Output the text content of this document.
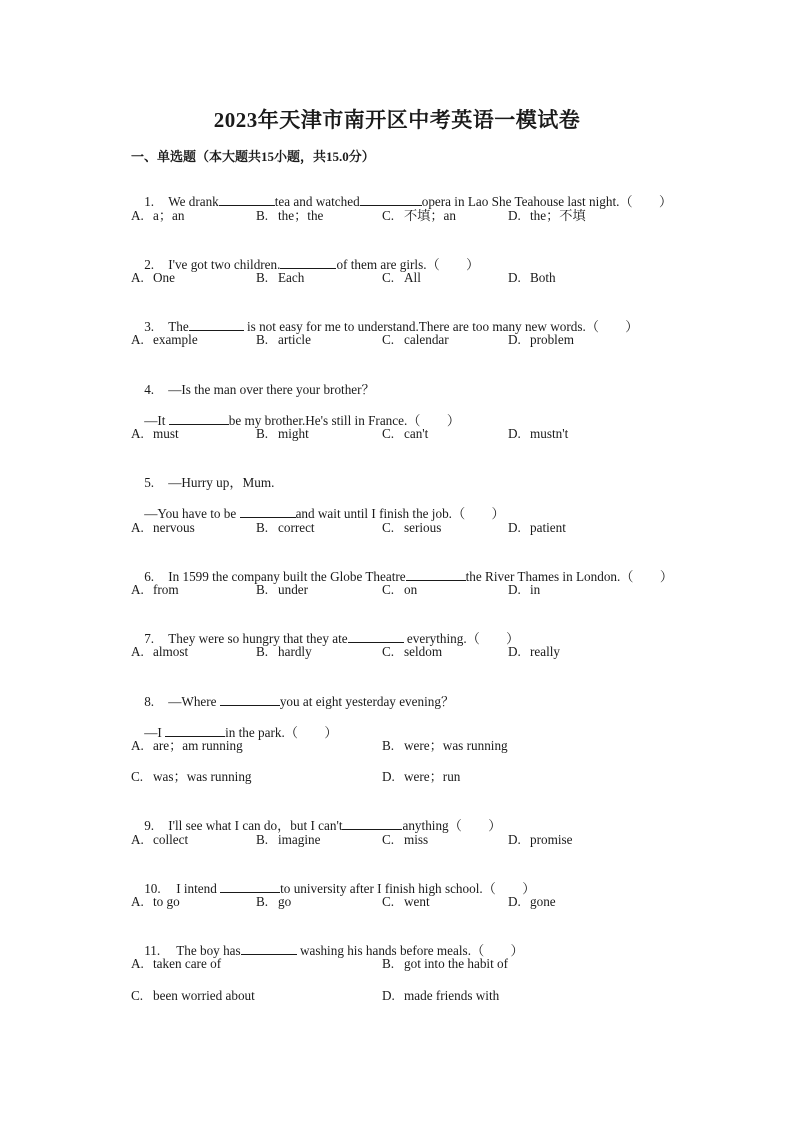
2023年天津市南开区中考英语一模试卷
一、单选题（本大题共15小题，共15.0分）

1. We drank	tea and watched	opera in Lao She Teahouse last night.（　　）

A. a；an	B. the；the	C. 不填；an	D. the；不填

2. I've got two children.	of them are girls.（　　）

A. One	B. Each	C. All	D. Both

3. The	is not easy for me to understand.There are too many new words.（　　）

A. example	B. article	C. calendar	D. problem

4. —Is the man over there your brother？

—It	be my brother.He's still in France.（　　）

A. must	B. might	C. can't	D. mustn't

5. —Hurry up，Mum.

—You have to be	and wait until I finish the job.（　　）

A. nervous	B. correct	C. serious	D. patient

6. In 1599 the company built the Globe Theatre	the River Thames in London.（　　）

A. from	B. under	C. on	D. in

7. They were so hungry that they ate	everything.（　　）

A. almost	B. hardly	C. seldom	D. really

8. —Where	you at eight yesterday evening？

—I	in the park.（　　）

A. are；am running	B. were；was running
C. was；was running	D. were；run

9. I'll see what I can do，but I can't	anything（　　）

A. collect	B. imagine	C. miss	D. promise

10. I intend	to university after I finish high school.（　　）

A. to go	B. go	C. went	D. gone

11. The boy has	washing his hands before meals.（　　）

A. taken care of	B. got into the habit of
C. been worried about	D. made friends with
